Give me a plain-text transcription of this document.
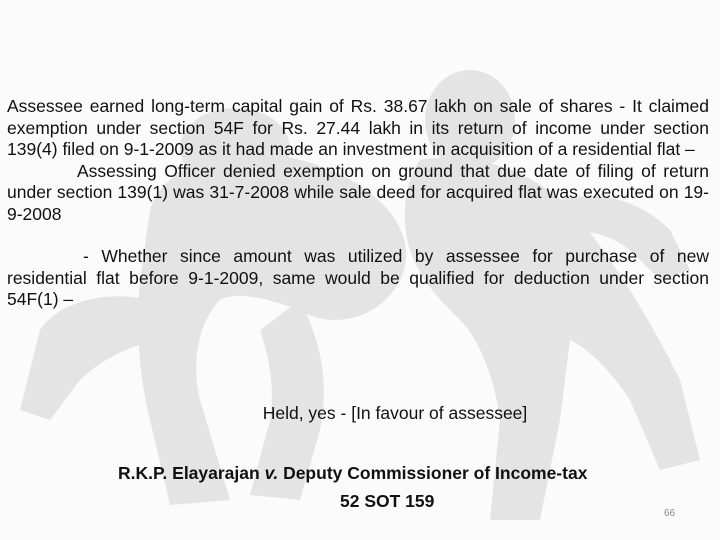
Assessee earned long-term capital gain of Rs. 38.67 lakh on sale of shares - It claimed exemption under section 54F for Rs. 27.44 lakh in its return of income under section 139(4) filed on 9-1-2009 as it had made an investment in acquisition of a residential flat –

Assessing Officer denied exemption on ground that due date of filing of return under section 139(1) was 31-7-2008 while sale deed for acquired flat was executed on 19-9-2008

- Whether since amount was utilized by assessee for purchase of new residential flat before 9-1-2009, same would be qualified for deduction under section 54F(1) –

Held, yes - [In favour of assessee]
R.K.P. Elayarajan v. Deputy Commissioner of Income-tax
52 SOT 159
66
